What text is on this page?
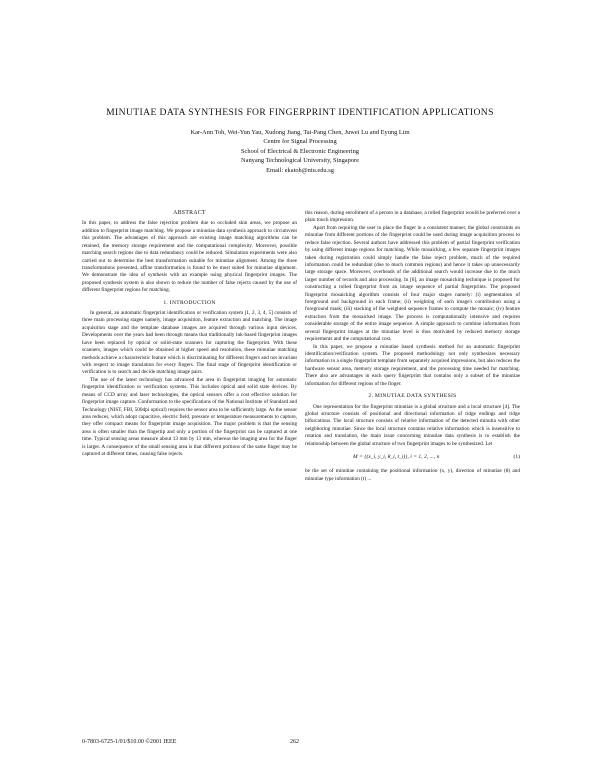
MINUTIAE DATA SYNTHESIS FOR FINGERPRINT IDENTIFICATION APPLICATIONS
Kar-Ann Toh, Wei-Yun Yau, Xudong Jiang, Tai-Pang Chen, Juwei Lu and Eyung Lim
Centre for Signal Processing
School of Electrical & Electronic Engineering
Nanyang Technological University, Singapore
Email: ekatoh@ntu.edu.sg
ABSTRACT

In this paper, to address the false rejection problem due to occluded skin areas, we propose an addition to fingerprint image matching. We propose a minutiae data synthesis approach to circumvent this problem. The advantages of this approach are existing image matching algorithms can be retained, the memory storage requirement and the computational complexity. Moreover, possible matching search regions due to data redundancy could be reduced. Simulation experiments were also carried out to determine the best transformation suitable for minutiae alignment. Among the three transformations presented, affine transformation is found to be most suited for minutiae alignment. We demonstrate the idea of synthesis with an example using physical fingerprint images. The proposed synthesis system is also shown to reduce the number of false rejects caused by the use of different fingerprint regions for matching.

1. INTRODUCTION

In general, an automatic fingerprint identification or verification system [1, 2, 3, 4, 5] consists of three main processing stages namely, image acquisition, feature extraction and matching. The image acquisition stage and the template database images are acquired through various input devices. Developments over the years had been through means that traditionally ink-based fingerprint images have been replaced by optical or solid-state scanners for capturing the fingerprint. With these scanners, images which could be obtained at higher speed and resolution, these minutiae matching methods achieve a characteristic feature which is discriminating for different fingers and not invariant with respect to image translation for every fingers. The final stage of fingerprint identification or verification is to search and decide matching image pairs.

The use of the latest technology has advanced the area in fingerprint imaging for automatic fingerprint identification or verification systems. This includes optical and solid state devices. By means of CCD array and laser technologies, the optical sensors offer a cost effective solution for fingerprint image capture. Conformation to the specifications of the National Institute of Standard and Technology (NIST, FBI, 500dpi optical) requires the sensor area to be sufficiently large. As the sensor area reduces, which adopt capacitive, electric field, pressure or temperature measurements to capture, they offer compact means for fingerprint image acquisition. The major problem is that the sensing area is often smaller than the fingertip and only a portion of the fingerprint can be captured at one time. Typical sensing areas measure about 13 mm by 13 mm, whereas the imaging area for the finger is larger. A consequence of the small sensing area is that different portions of the same finger may be captured at different times, causing false rejects.

this reason, during enrollment of a person in a database, a rolled fingerprint would be preferred over a plain touch impression.

Apart from requiring the user to place the finger in a consistent manner, the global constraints on minutiae from different portions of the fingerprint could be used during image acquisition process to reduce false rejection. Several authors have addressed this problem of partial fingerprint verification by using different image regions for matching. While mosaicking, a few separate fingerprint images taken during registration could simply handle the false reject problem, much of the required information could be redundant (due to much common regions) and hence it takes up unnecessarily large storage space. Moreover, overheads of the additional search would increase due to the much larger number of records and also processing. In [6], an image mosaicking technique is proposed for constructing a rolled fingerprint from an image sequence of partial fingerprints. The proposed fingerprint mosaicking algorithm consists of four major stages namely: (i) segmentation of foreground and background in each frame; (ii) weighting of each image's contribution using a foreground mask; (iii) stacking of the weighted sequence frames to compute the mosaic; (iv) feature extraction from the mosaicked image. The process is computationally intensive and requires considerable storage of the entire image sequence. A simple approach to combine information from several fingerprint images at the minutiae level is thus motivated by reduced memory storage requirements and the computational cost.

In this paper, we propose a minutiae based synthesis method for an automatic fingerprint identification/verification system. The proposed methodology not only synthesizes necessary information to a single fingerprint template from separately acquired impressions, but also reduces the hardware sensor area, memory storage requirement, and the processing time needed for matching. There also are advantages in each query fingerprint that contains only a subset of the minutiae information for different regions of the finger.

2. MINUTIAE DATA SYNTHESIS

One representation for the fingerprint minutiae is a global structure and a local structure [4]. The global structure consists of positional and directional information of ridge endings and ridge bifurcations. The local structure consists of relative information of the detected minutia with other neighboring minutiae. Since the local structure contains relative information which is insensitive to rotation and translation, the main issue concerning minutiae data synthesis is to establish the relationship between the global structure of two fingerprint images to be synthesized. Let

M = {(x_i, y_i, θ_i, t_i)}, i = 1, 2, ..., n	(1)

be the set of minutiae containing the positional information (x, y), direction of minutiae (θ) and minutiae type information (t) ...

0-7803-6725-1/01/$10.00 ©2001 IEEE	262
